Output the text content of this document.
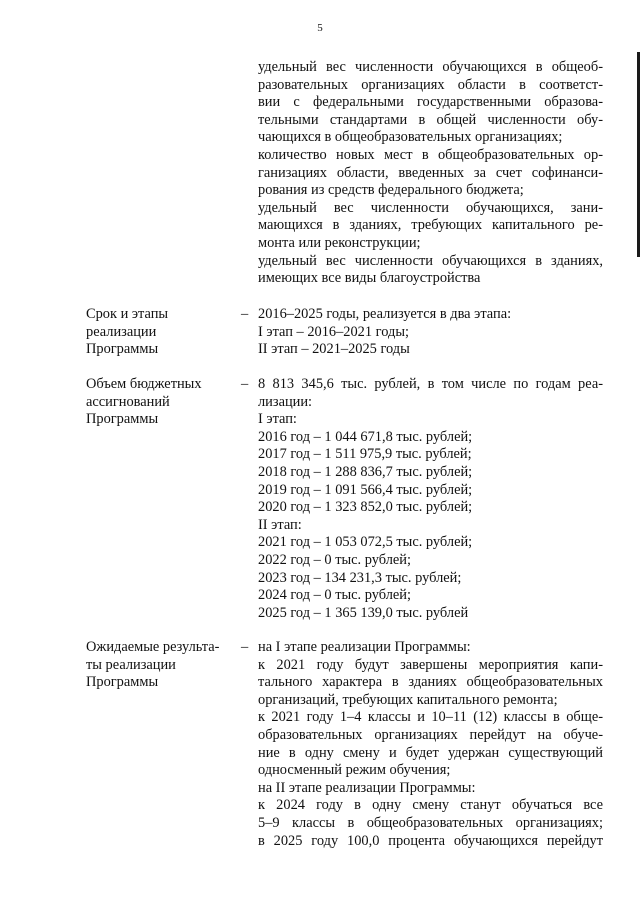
5

удельный вес численности обучающихся в общеоб-

разовательных организациях области в соответст-

вии с федеральными государственными образова-

тельными стандартами в общей численности обу-

чающихся в общеобразовательных организациях;

количество новых мест в общеобразовательных ор-

ганизациях области, введенных за счет софинанси-

рования из средств федерального бюджета;

удельный вес численности обучающихся, зани-

мающихся в зданиях, требующих капитального ре-

монта или реконструкции;

удельный вес численности обучающихся в зданиях,

имеющих все виды благоустройства

Срок и этапы
реализации
Программы
– 2016–2025 годы, реализуется в два этапа:

I этап – 2016–2021 годы;

II этап – 2021–2025 годы

Объем бюджетных
ассигнований
Программы
– 8 813 345,6 тыс. рублей, в том числе по годам реа-

лизации:

I этап:

2016 год – 1 044 671,8 тыс. рублей;

2017 год – 1 511 975,9 тыс. рублей;

2018 год – 1 288 836,7 тыс. рублей;

2019 год – 1 091 566,4 тыс. рублей;

2020 год – 1 323 852,0 тыс. рублей;

II этап:

2021 год – 1 053 072,5 тыс. рублей;

2022 год – 0 тыс. рублей;

2023 год – 134 231,3 тыс. рублей;

2024 год – 0 тыс. рублей;

2025 год – 1 365 139,0 тыс. рублей

Ожидаемые результа-
ты реализации
Программы
– на I этапе реализации Программы:

к 2021 году будут завершены мероприятия капи-

тального характера в зданиях общеобразовательных

организаций, требующих капитального ремонта;

к 2021 году 1–4 классы и 10–11 (12) классы в обще-

образовательных организациях перейдут на обуче-

ние в одну смену и будет удержан существующий

односменный режим обучения;

на II этапе реализации Программы:

к 2024 году в одну смену станут обучаться все

5–9 классы в общеобразовательных организациях;

в 2025 году 100,0 процента обучающихся перейдут
